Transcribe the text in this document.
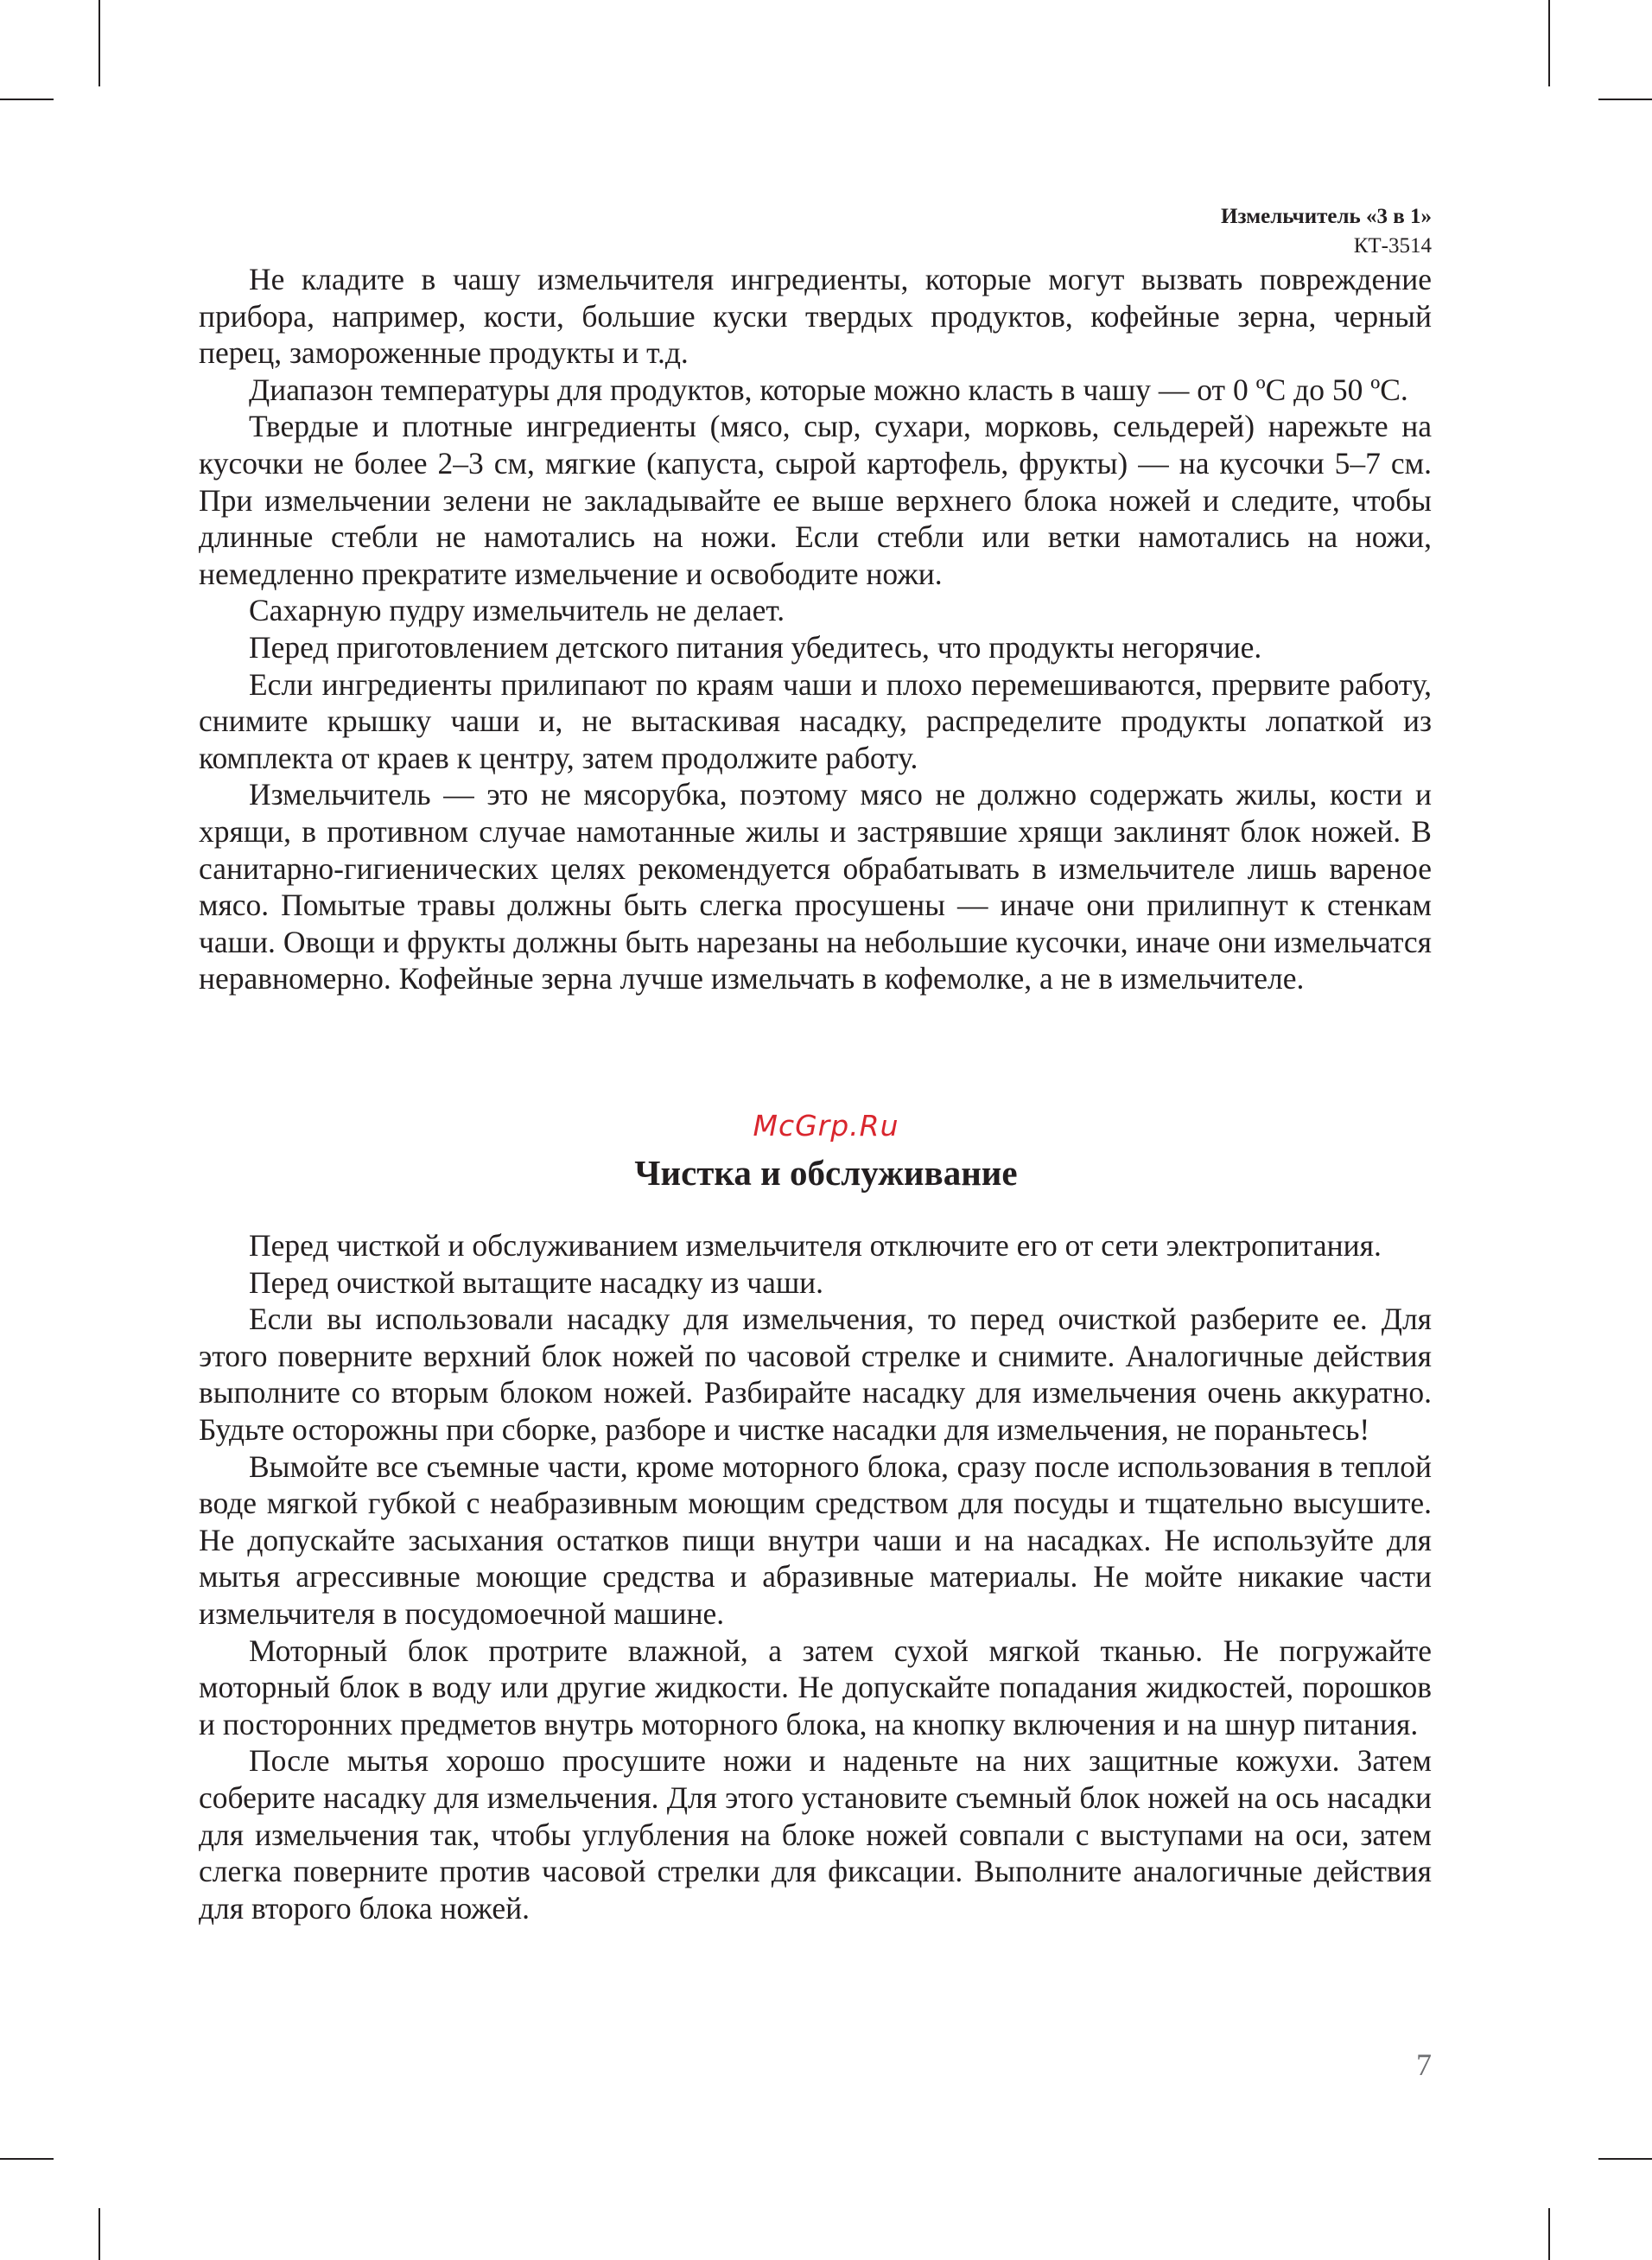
Измельчитель «3 в 1»
КТ-3514

Не кладите в чашу измельчителя ингредиенты, которые могут вызвать повреждение прибора, например, кости, большие куски твердых продуктов, кофейные зерна, черный перец, замороженные продукты и т.д.

Диапазон температуры для продуктов, которые можно класть в чашу — от 0 ºС до 50 ºС.

Твердые и плотные ингредиенты (мясо, сыр, сухари, морковь, сельдерей) нарежьте на кусочки не более 2–3 см, мягкие (капуста, сырой картофель, фрукты) — на кусочки 5–7 см. При измельчении зелени не закладывайте ее выше верхнего блока ножей и следите, чтобы длинные стебли не намотались на ножи. Если стебли или ветки намотались на ножи, немедленно прекратите измельчение и освободите ножи.

Сахарную пудру измельчитель не делает.

Перед приготовлением детского питания убедитесь, что продукты негорячие.

Если ингредиенты прилипают по краям чаши и плохо перемешиваются, прервите работу, снимите крышку чаши и, не вытаскивая насадку, распределите продукты лопаткой из комплекта от краев к центру, затем продолжите работу.

Измельчитель — это не мясорубка, поэтому мясо не должно содержать жилы, кости и хрящи, в противном случае намотанные жилы и застрявшие хрящи заклинят блок ножей. В санитарно-гигиенических целях рекомендуется обрабатывать в измельчителе лишь вареное мясо. Помытые травы должны быть слегка просушены — иначе они прилипнут к стенкам чаши. Овощи и фрукты должны быть нарезаны на небольшие кусочки, иначе они измельчатся неравномерно. Кофейные зерна лучше измельчать в кофемолке, а не в измельчителе.

McGrp.Ru
Чистка и обслуживание

Перед чисткой и обслуживанием измельчителя отключите его от сети электропитания.

Перед очисткой вытащите насадку из чаши.

Если вы использовали насадку для измельчения, то перед очисткой разберите ее. Для этого поверните верхний блок ножей по часовой стрелке и снимите. Аналогичные действия выполните со вторым блоком ножей. Разбирайте насадку для измельчения очень аккуратно. Будьте осторожны при сборке, разборе и чистке насадки для измельчения, не пораньтесь!

Вымойте все съемные части, кроме моторного блока, сразу после использования в теплой воде мягкой губкой с неабразивным моющим средством для посуды и тщательно высушите. Не допускайте засыхания остатков пищи внутри чаши и на насадках. Не используйте для мытья агрессивные моющие средства и абразивные материалы. Не мойте никакие части измельчителя в посудомоечной машине.

Моторный блок протрите влажной, а затем сухой мягкой тканью. Не погружайте моторный блок в воду или другие жидкости. Не допускайте попадания жидкостей, порошков и посторонних предметов внутрь моторного блока, на кнопку включения и на шнур питания.

После мытья хорошо просушите ножи и наденьте на них защитные кожухи. Затем соберите насадку для измельчения. Для этого установите съемный блок ножей на ось насадки для измельчения так, чтобы углубления на блоке ножей совпали с выступами на оси, затем слегка поверните против часовой стрелки для фиксации. Выполните аналогичные действия для второго блока ножей.

7
